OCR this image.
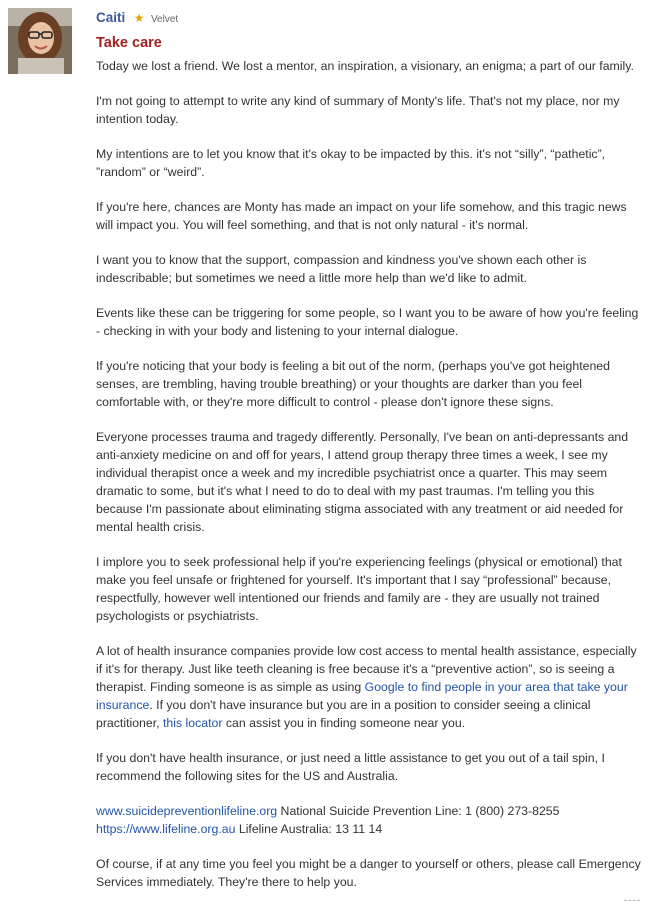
Caiti ★ Velvet
Take care

Today we lost a friend. We lost a mentor, an inspiration, a visionary, an enigma; a part of our family.

I'm not going to attempt to write any kind of summary of Monty's life. That's not my place, nor my intention today.

My intentions are to let you know that it's okay to be impacted by this. it's not “silly”, “pathetic”, ”random” or “weird”.

If you're here, chances are Monty has made an impact on your life somehow, and this tragic news will impact you. You will feel something, and that is not only natural - it's normal.

I want you to know that the support, compassion and kindness you've shown each other is indescribable; but sometimes we need a little more help than we'd like to admit.

Events like these can be triggering for some people, so I want you to be aware of how you're feeling - checking in with your body and listening to your internal dialogue.

If you're noticing that your body is feeling a bit out of the norm, (perhaps you've got heightened senses, are trembling, having trouble breathing) or your thoughts are darker than you feel comfortable with, or they're more difficult to control - please don't ignore these signs.

Everyone processes trauma and tragedy differently. Personally, I've bean on anti-depressants and anti-anxiety medicine on and off for years, I attend group therapy three times a week, I see my individual therapist once a week and my incredible psychiatrist once a quarter. This may seem dramatic to some, but it's what I need to do to deal with my past traumas. I'm telling you this because I'm passionate about eliminating stigma associated with any treatment or aid needed for mental health crisis.

I implore you to seek professional help if you're experiencing feelings (physical or emotional) that make you feel unsafe or frightened for yourself. It's important that I say “professional” because, respectfully, however well intentioned our friends and family are - they are usually not trained psychologists or psychiatrists.

A lot of health insurance companies provide low cost access to mental health assistance, especially if it's for therapy. Just like teeth cleaning is free because it's a “preventive action”, so is seeing a therapist. Finding someone is as simple as using Google to find people in your area that take your insurance. If you don't have insurance but you are in a position to consider seeing a clinical practitioner, this locator can assist you in finding someone near you.

If you don't have health insurance, or just need a little assistance to get you out of a tail spin, I recommend the following sites for the US and Australia.

www.suicidepreventionlifeline.org National Suicide Prevention Line: 1 (800) 273-8255 https://www.lifeline.org.au Lifeline Australia: 13 11 14

Of course, if at any time you feel you might be a danger to yourself or others, please call Emergency Services immediately. They're there to help you.
